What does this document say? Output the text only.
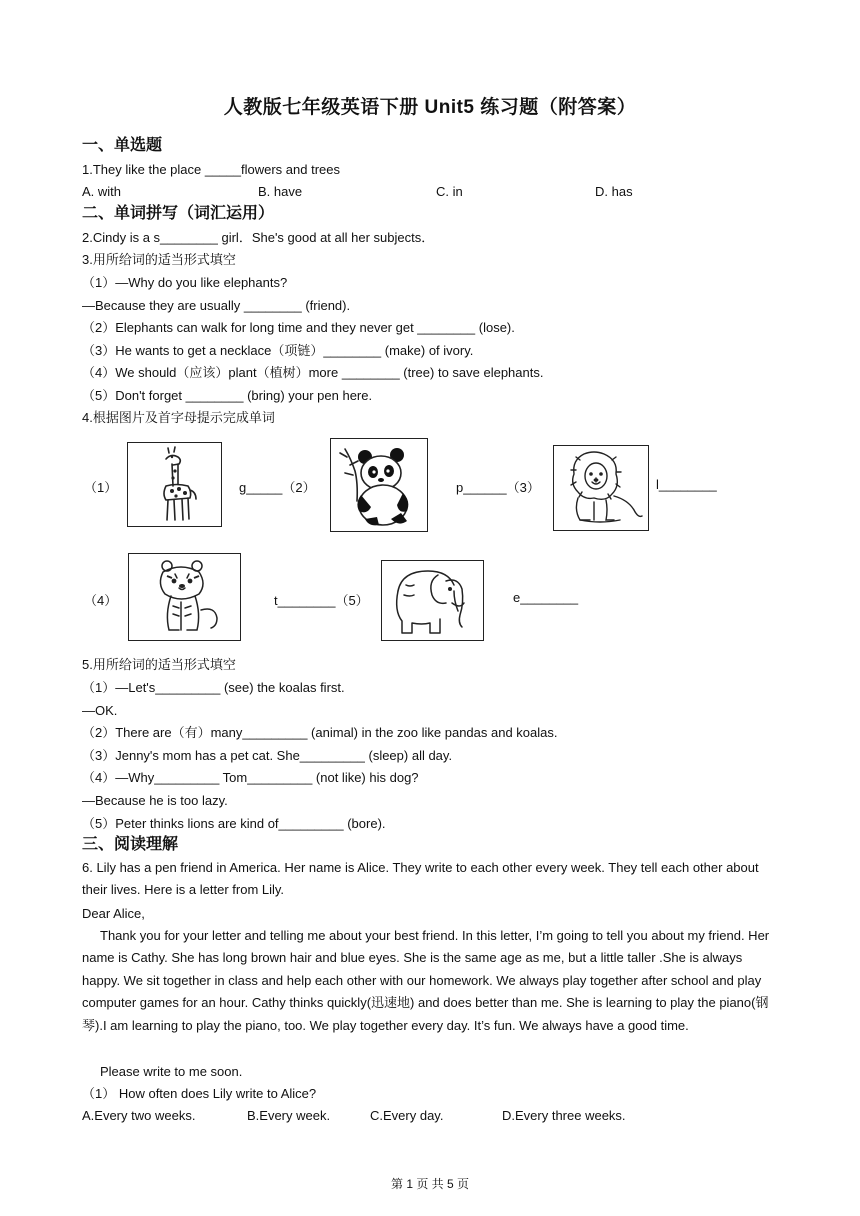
人教版七年级英语下册 Unit5 练习题（附答案）
一、单选题
1.They like the place _____flowers and trees
A. with	B. have	C. in	D. has
二、单词拼写（词汇运用）
2.Cindy is a s________ girl．She's good at all her subjects．
3.用所给词的适当形式填空
（1）—Why do you like elephants?
—Because they are usually ________ (friend).
（2）Elephants can walk for long time and they never get ________ (lose).
（3）He wants to get a necklace（项链）________ (make) of ivory.
（4）We should（应该）plant（植树）more ________ (tree) to save elephants.
（5）Don't forget ________ (bring) your pen here.
4.根据图片及首字母提示完成单词
（1）	g_____（2）	p______（3）	l________
（4）	t________（5）	e________
5.用所给词的适当形式填空
（1）—Let's_________ (see) the koalas first.
—OK.
（2）There are（有）many_________ (animal) in the zoo like pandas and koalas.
（3）Jenny's mom has a pet cat. She_________ (sleep) all day.
（4）—Why_________ Tom_________ (not like) his dog?
—Because he is too lazy.
（5）Peter thinks lions are kind of_________ (bore).
三、阅读理解
6. Lily has a pen friend in America. Her name is Alice. They write to each other every week. They tell each other about their lives. Here is a letter from Lily.
Dear Alice,
Thank you for your letter and telling me about your best friend. In this letter, I’m going to tell you about my friend. Her name is Cathy. She has long brown hair and blue eyes. She is the same age as me, but a little taller .She is always happy. We sit together in class and help each other with our homework. We always play together after school and play computer games for an hour. Cathy thinks quickly(迅速地) and does better than me. She is learning to play the piano(钢琴).I am learning to play the piano, too. We play together every day. It’s fun. We always have a good time.
Please write to me soon.
（1） How often does Lily write to Alice?
A.Every two weeks.	B.Every week.	C.Every day.	D.Every three weeks.
第 1 页 共 5 页
